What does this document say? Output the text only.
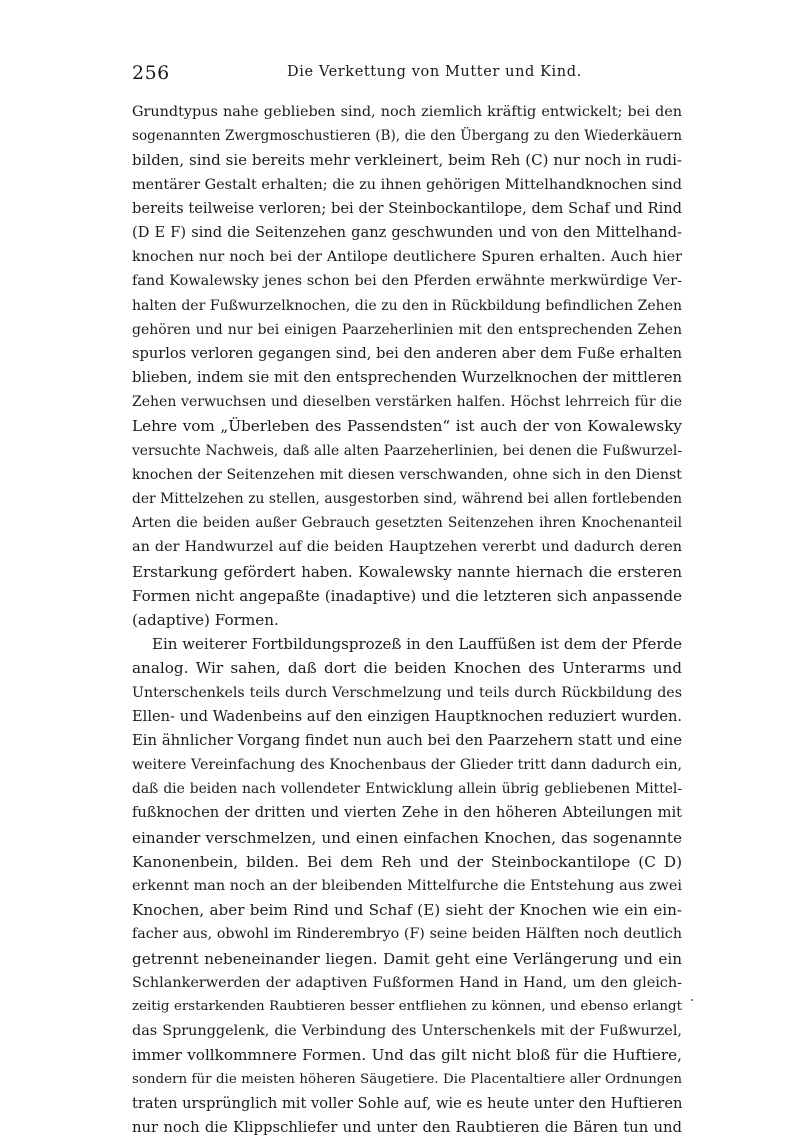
256	Die Verkettung von Mutter und Kind.
Grundtypus nahe geblieben sind, noch ziemlich kräftig entwickelt; bei den
sogenannten Zwergmoschustieren (B), die den Übergang zu den Wiederkäuern
bilden, sind sie bereits mehr verkleinert, beim Reh (C) nur noch in rudi-
mentärer Gestalt erhalten; die zu ihnen gehörigen Mittelhandknochen sind
bereits teilweise verloren; bei der Steinbockantilope, dem Schaf und Rind
(D E F) sind die Seitenzehen ganz geschwunden und von den Mittelhand-
knochen nur noch bei der Antilope deutlichere Spuren erhalten. Auch hier
fand Kowalewsky jenes schon bei den Pferden erwähnte merkwürdige Ver-
halten der Fußwurzelknochen, die zu den in Rückbildung befindlichen Zehen
gehören und nur bei einigen Paarzeherlinien mit den entsprechenden Zehen
spurlos verloren gegangen sind, bei den anderen aber dem Fuße erhalten
blieben, indem sie mit den entsprechenden Wurzelknochen der mittleren
Zehen verwuchsen und dieselben verstärken halfen. Höchst lehrreich für die
Lehre vom „Überleben des Passendsten“ ist auch der von Kowalewsky
versuchte Nachweis, daß alle alten Paarzeherlinien, bei denen die Fußwurzel-
knochen der Seitenzehen mit diesen verschwanden, ohne sich in den Dienst
der Mittelzehen zu stellen, ausgestorben sind, während bei allen fortlebenden
Arten die beiden außer Gebrauch gesetzten Seitenzehen ihren Knochenanteil
an der Handwurzel auf die beiden Hauptzehen vererbt und dadurch deren
Erstarkung gefördert haben. Kowalewsky nannte hiernach die ersteren
Formen nicht angepaßte (inadaptive) und die letzteren sich anpassende
(adaptive) Formen.
Ein weiterer Fortbildungsprozeß in den Lauffüßen ist dem der Pferde
analog. Wir sahen, daß dort die beiden Knochen des Unterarms und
Unterschenkels teils durch Verschmelzung und teils durch Rückbildung des
Ellen- und Wadenbeins auf den einzigen Hauptknochen reduziert wurden.
Ein ähnlicher Vorgang findet nun auch bei den Paarzehern statt und eine
weitere Vereinfachung des Knochenbaus der Glieder tritt dann dadurch ein,
daß die beiden nach vollendeter Entwicklung allein übrig gebliebenen Mittel-
fußknochen der dritten und vierten Zehe in den höheren Abteilungen mit
einander verschmelzen, und einen einfachen Knochen, das sogenannte
Kanonenbein, bilden. Bei dem Reh und der Steinbockantilope (C D)
erkennt man noch an der bleibenden Mittelfurche die Entstehung aus zwei
Knochen, aber beim Rind und Schaf (E) sieht der Knochen wie ein ein-
facher aus, obwohl im Rinderembryo (F) seine beiden Hälften noch deutlich
getrennt nebeneinander liegen. Damit geht eine Verlängerung und ein
Schlankerwerden der adaptiven Fußformen Hand in Hand, um den gleich-
zeitig erstarkenden Raubtieren besser entfliehen zu können, und ebenso erlangt
das Sprunggelenk, die Verbindung des Unterschenkels mit der Fußwurzel,
immer vollkommnere Formen. Und das gilt nicht bloß für die Huftiere,
sondern für die meisten höheren Säugetiere. Die Placentaltiere aller Ordnungen
traten ursprünglich mit voller Sohle auf, wie es heute unter den Huftieren
nur noch die Klippschliefer und unter den Raubtieren die Bären tun und
